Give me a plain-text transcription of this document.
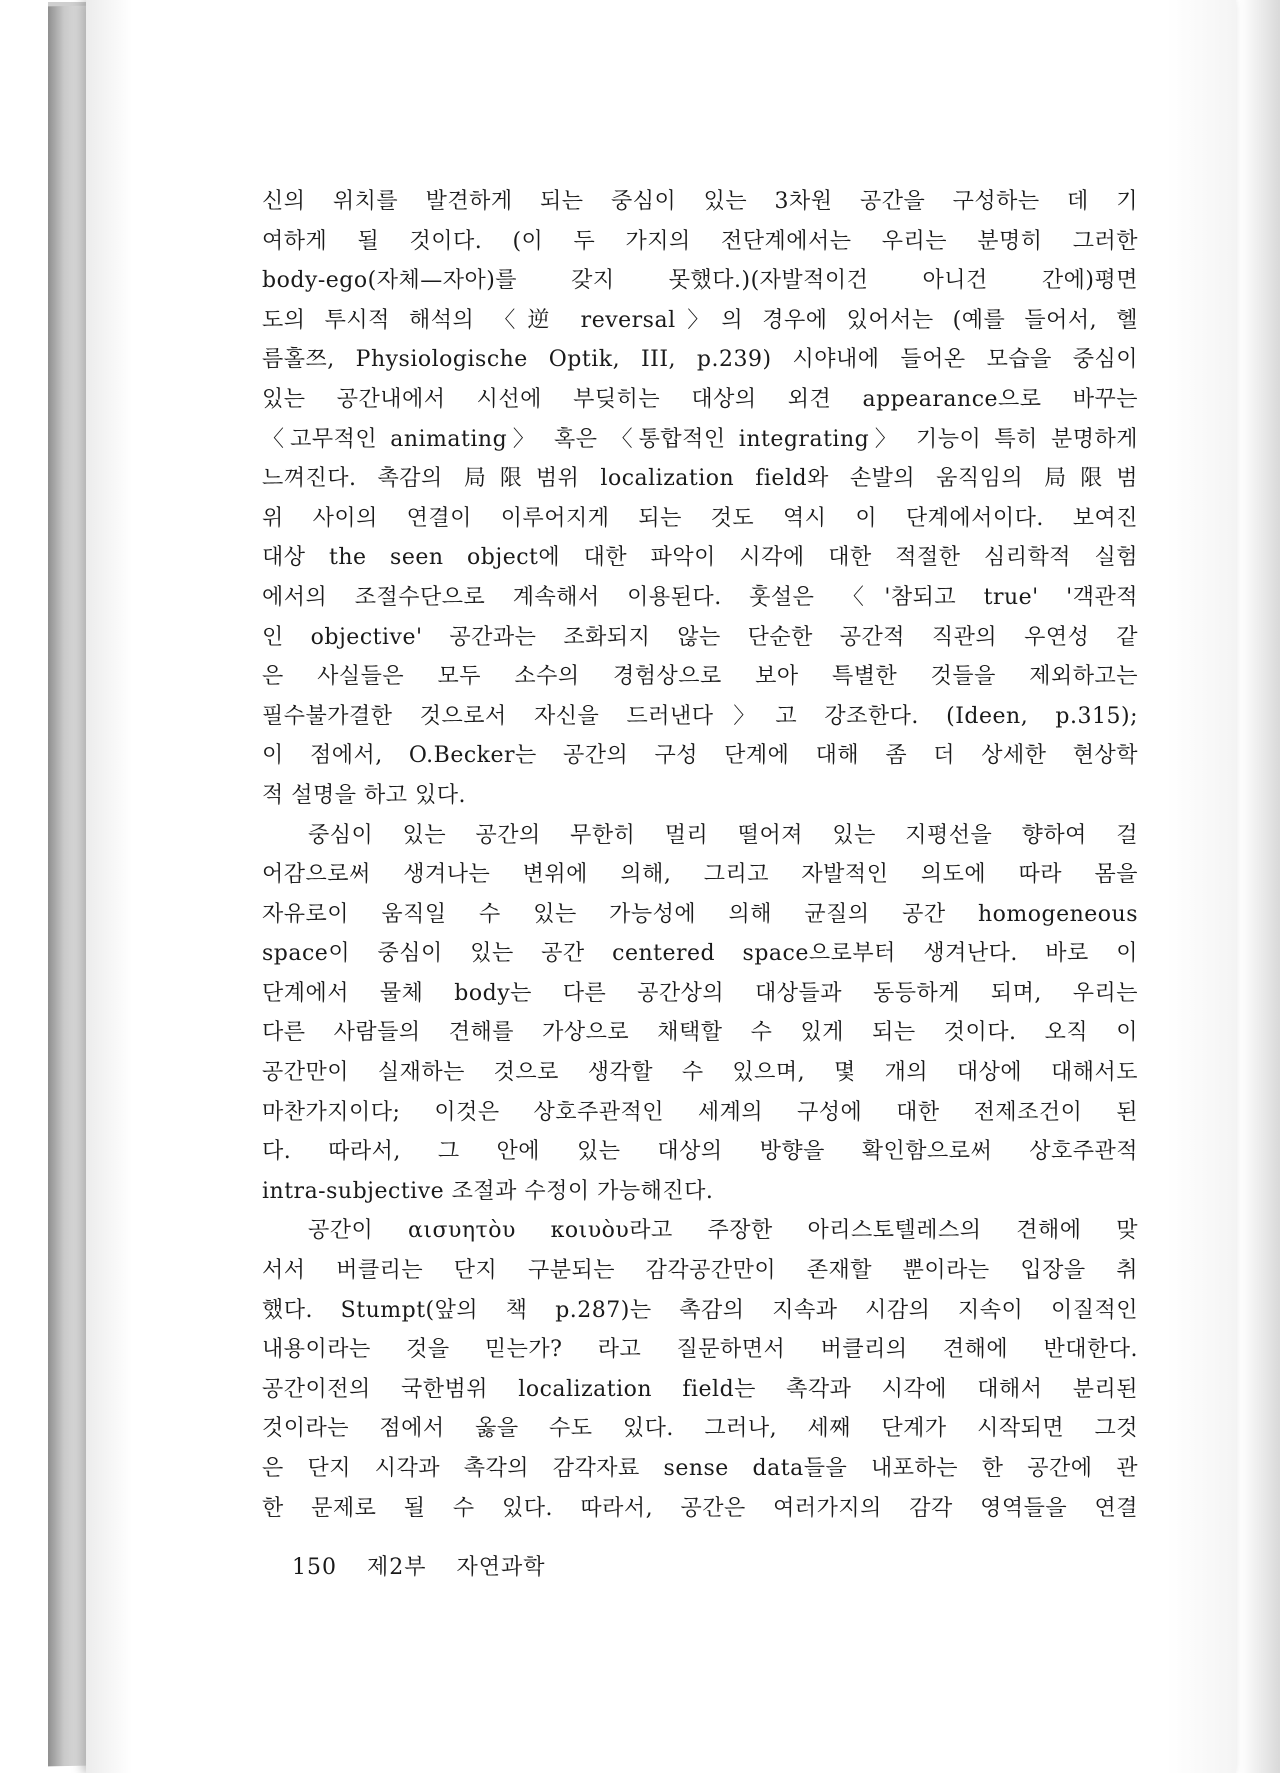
신의 위치를 발견하게 되는 중심이 있는 3차원 공간을 구성하는 데 기
여하게 될 것이다. (이 두 가지의 전단계에서는 우리는 분명히 그러한
body-ego(자체—자아)를 갖지 못했다.)(자발적이건 아니건 간에)평면
도의 투시적 해석의 〈逆 reversal〉의 경우에 있어서는 (예를 들어서, 헬
름홀쯔, Physiologische Optik, III, p.239) 시야내에 들어온 모습을 중심이
있는 공간내에서 시선에 부딪히는 대상의 외견 appearance으로 바꾸는
〈고무적인 animating〉 혹은 〈통합적인 integrating〉 기능이 특히 분명하게
느껴진다. 촉감의 局限범위 localization field와 손발의 움직임의 局限범
위 사이의 연결이 이루어지게 되는 것도 역시 이 단계에서이다. 보여진
대상 the seen object에 대한 파악이 시각에 대한 적절한 심리학적 실험
에서의 조절수단으로 계속해서 이용된다. 훗설은 〈'참되고 true' '객관적
인 objective' 공간과는 조화되지 않는 단순한 공간적 직관의 우연성 같
은 사실들은 모두 소수의 경험상으로 보아 특별한 것들을 제외하고는
필수불가결한 것으로서 자신을 드러낸다〉고 강조한다. (Ideen, p.315);
이 점에서, O.Becker는 공간의 구성 단계에 대해 좀 더 상세한 현상학
적 설명을 하고 있다.
중심이 있는 공간의 무한히 멀리 떨어져 있는 지평선을 향하여 걸
어감으로써 생겨나는 변위에 의해, 그리고 자발적인 의도에 따라 몸을
자유로이 움직일 수 있는 가능성에 의해 균질의 공간 homogeneous
space이 중심이 있는 공간 centered space으로부터 생겨난다. 바로 이
단계에서 물체 body는 다른 공간상의 대상들과 동등하게 되며, 우리는
다른 사람들의 견해를 가상으로 채택할 수 있게 되는 것이다. 오직 이
공간만이 실재하는 것으로 생각할 수 있으며, 몇 개의 대상에 대해서도
마찬가지이다; 이것은 상호주관적인 세계의 구성에 대한 전제조건이 된
다. 따라서, 그 안에 있는 대상의 방향을 확인함으로써 상호주관적
intra-subjective 조절과 수정이 가능해진다.
공간이 αισυητὸυ κοιυὸυ라고 주장한 아리스토텔레스의 견해에 맞
서서 버클리는 단지 구분되는 감각공간만이 존재할 뿐이라는 입장을 취
했다. Stumpt(앞의 책 p.287)는 촉감의 지속과 시감의 지속이 이질적인
내용이라는 것을 믿는가? 라고 질문하면서 버클리의 견해에 반대한다.
공간이전의 국한범위 localization field는 촉각과 시각에 대해서 분리된
것이라는 점에서 옳을 수도 있다. 그러나, 세째 단계가 시작되면 그것
은 단지 시각과 촉각의 감각자료 sense data들을 내포하는 한 공간에 관
한 문제로 될 수 있다. 따라서, 공간은 여러가지의 감각 영역들을 연결
150 제2부 자연과학
